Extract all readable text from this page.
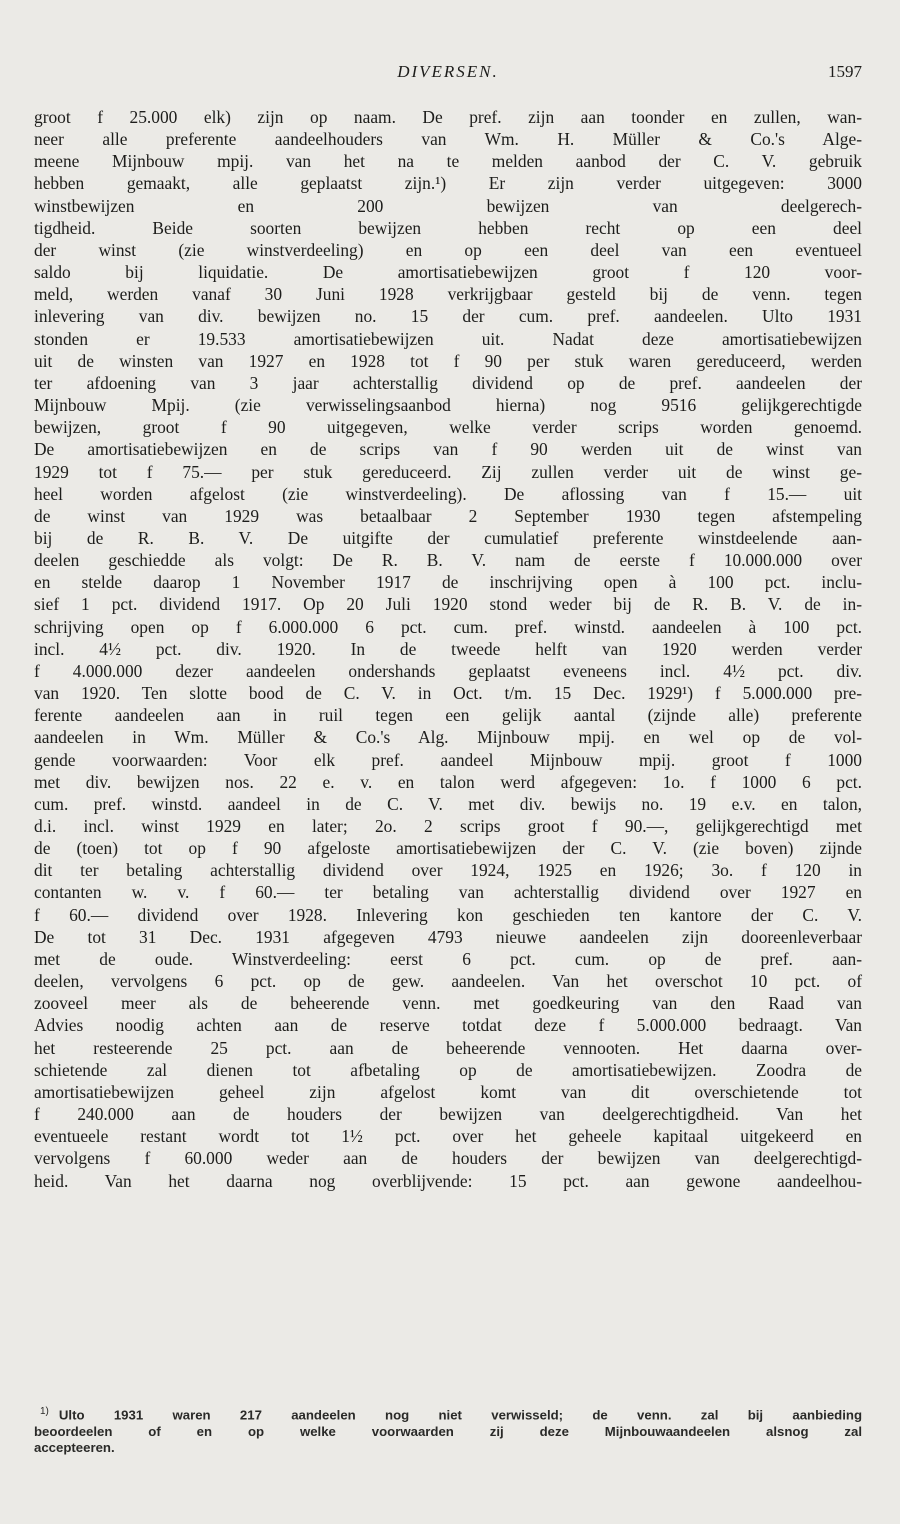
DIVERSEN.	1597
groot f 25.000 elk) zijn op naam. De pref. zijn aan toonder en zullen, wan-
neer alle preferente aandeelhouders van Wm. H. Müller & Co.'s Alge-
meene Mijnbouw mpij. van het na te melden aanbod der C. V. gebruik
hebben gemaakt, alle geplaatst zijn.¹) Er zijn verder uitgegeven: 3000
winstbewijzen en 200 bewijzen van deelgerech-
tigdheid. Beide soorten bewijzen hebben recht op een deel
der winst (zie winstverdeeling) en op een deel van een eventueel
saldo bij liquidatie. De amortisatiebewijzen groot f 120 voor-
meld, werden vanaf 30 Juni 1928 verkrijgbaar gesteld bij de venn. tegen
inlevering van div. bewijzen no. 15 der cum. pref. aandeelen. Ulto 1931
stonden er 19.533 amortisatiebewijzen uit. Nadat deze amortisatiebewijzen
uit de winsten van 1927 en 1928 tot f 90 per stuk waren gereduceerd, werden
ter afdoening van 3 jaar achterstallig dividend op de pref. aandeelen der
Mijnbouw Mpij. (zie verwisselingsaanbod hierna) nog 9516 gelijkgerechtigde
bewijzen, groot f 90 uitgegeven, welke verder scrips worden genoemd.
De amortisatiebewijzen en de scrips van f 90 werden uit de winst van
1929 tot f 75.— per stuk gereduceerd. Zij zullen verder uit de winst ge-
heel worden afgelost (zie winstverdeeling). De aflossing van f 15.— uit
de winst van 1929 was betaalbaar 2 September 1930 tegen afstempeling
bij de R. B. V. De uitgifte der cumulatief preferente winstdeelende aan-
deelen geschiedde als volgt: De R. B. V. nam de eerste f 10.000.000 over
en stelde daarop 1 November 1917 de inschrijving open à 100 pct. inclu-
sief 1 pct. dividend 1917. Op 20 Juli 1920 stond weder bij de R. B. V. de in-
schrijving open op f 6.000.000 6 pct. cum. pref. winstd. aandeelen à 100 pct.
incl. 4½ pct. div. 1920. In de tweede helft van 1920 werden verder
f 4.000.000 dezer aandeelen ondershands geplaatst eveneens incl. 4½ pct. div.
van 1920. Ten slotte bood de C. V. in Oct. t/m. 15 Dec. 1929¹) f 5.000.000 pre-
ferente aandeelen aan in ruil tegen een gelijk aantal (zijnde alle) preferente
aandeelen in Wm. Müller & Co.'s Alg. Mijnbouw mpij. en wel op de vol-
gende voorwaarden: Voor elk pref. aandeel Mijnbouw mpij. groot f 1000
met div. bewijzen nos. 22 e. v. en talon werd afgegeven: 1o. f 1000 6 pct.
cum. pref. winstd. aandeel in de C. V. met div. bewijs no. 19 e.v. en talon,
d.i. incl. winst 1929 en later; 2o. 2 scrips groot f 90.—, gelijkgerechtigd met
de (toen) tot op f 90 afgeloste amortisatiebewijzen der C. V. (zie boven) zijnde
dit ter betaling achterstallig dividend over 1924, 1925 en 1926; 3o. f 120 in
contanten w. v. f 60.— ter betaling van achterstallig dividend over 1927 en
f 60.— dividend over 1928. Inlevering kon geschieden ten kantore der C. V.
De tot 31 Dec. 1931 afgegeven 4793 nieuwe aandeelen zijn dooreenleverbaar
met de oude. Winstverdeeling: eerst 6 pct. cum. op de pref. aan-
deelen, vervolgens 6 pct. op de gew. aandeelen. Van het overschot 10 pct. of
zooveel meer als de beheerende venn. met goedkeuring van den Raad van
Advies noodig achten aan de reserve totdat deze f 5.000.000 bedraagt. Van
het resteerende 25 pct. aan de beheerende vennooten. Het daarna over-
schietende zal dienen tot afbetaling op de amortisatiebewijzen. Zoodra de
amortisatiebewijzen geheel zijn afgelost komt van dit overschietende tot
f 240.000 aan de houders der bewijzen van deelgerechtigdheid. Van het
eventueele restant wordt tot 1½ pct. over het geheele kapitaal uitgekeerd en
vervolgens f 60.000 weder aan de houders der bewijzen van deelgerechtigd-
heid. Van het daarna nog overblijvende: 15 pct. aan gewone aandeelhou-
$^{1)}$ Ulto 1931 waren 217 aandeelen nog niet verwisseld; de venn. zal bij aanbieding
beoordeelen of en op welke voorwaarden zij deze Mijnbouwaandeelen alsnog zal
accepteeren.
